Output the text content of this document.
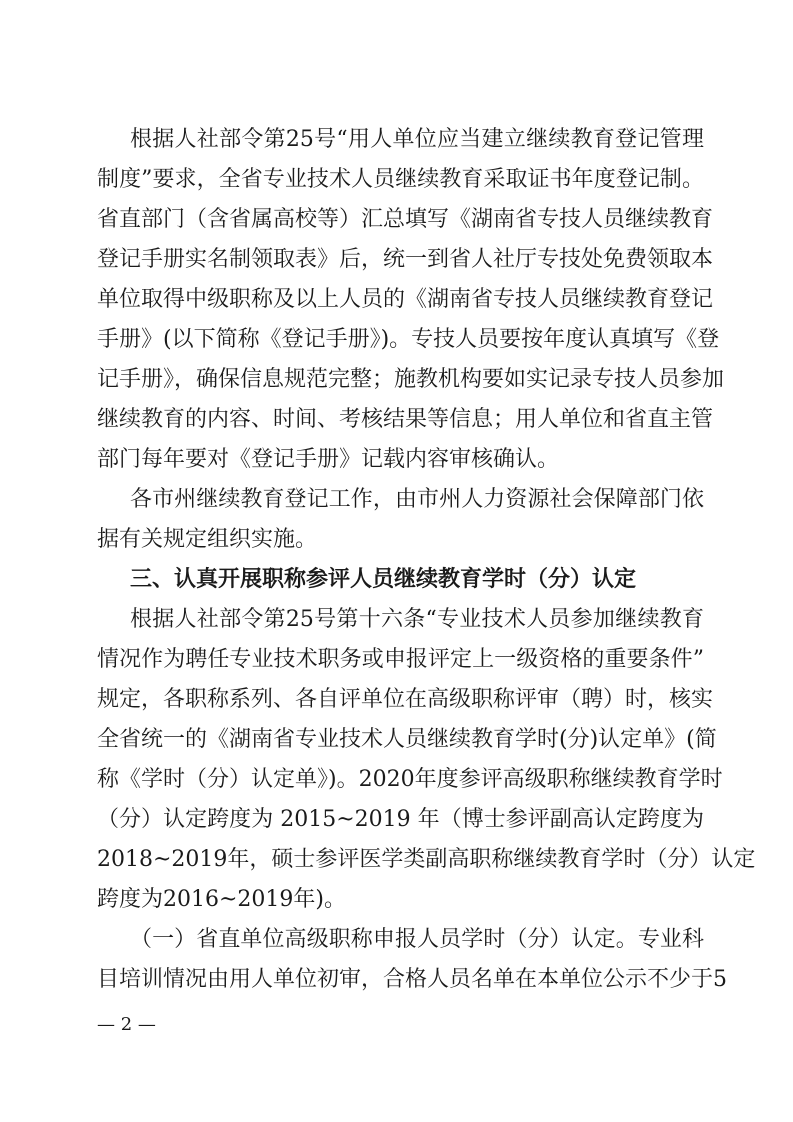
根据人社部令第25号“用人单位应当建立继续教育登记管理
制度”要求，全省专业技术人员继续教育采取证书年度登记制。
省直部门（含省属高校等）汇总填写《湖南省专技人员继续教育
登记手册实名制领取表》后，统一到省人社厅专技处免费领取本
单位取得中级职称及以上人员的《湖南省专技人员继续教育登记
手册》(以下简称《登记手册》)。专技人员要按年度认真填写《登
记手册》，确保信息规范完整；施教机构要如实记录专技人员参加
继续教育的内容、时间、考核结果等信息；用人单位和省直主管
部门每年要对《登记手册》记载内容审核确认。
各市州继续教育登记工作，由市州人力资源社会保障部门依
据有关规定组织实施。
三、认真开展职称参评人员继续教育学时（分）认定
根据人社部令第25号第十六条“专业技术人员参加继续教育
情况作为聘任专业技术职务或申报评定上一级资格的重要条件”
规定，各职称系列、各自评单位在高级职称评审（聘）时，核实
全省统一的《湖南省专业技术人员继续教育学时(分)认定单》(简
称《学时（分）认定单》)。2020年度参评高级职称继续教育学时
（分）认定跨度为 2015~2019 年（博士参评副高认定跨度为
2018~2019年，硕士参评医学类副高职称继续教育学时（分）认定
跨度为2016~2019年)。
（一）省直单位高级职称申报人员学时（分）认定。专业科
目培训情况由用人单位初审，合格人员名单在本单位公示不少于5
— 2 —
